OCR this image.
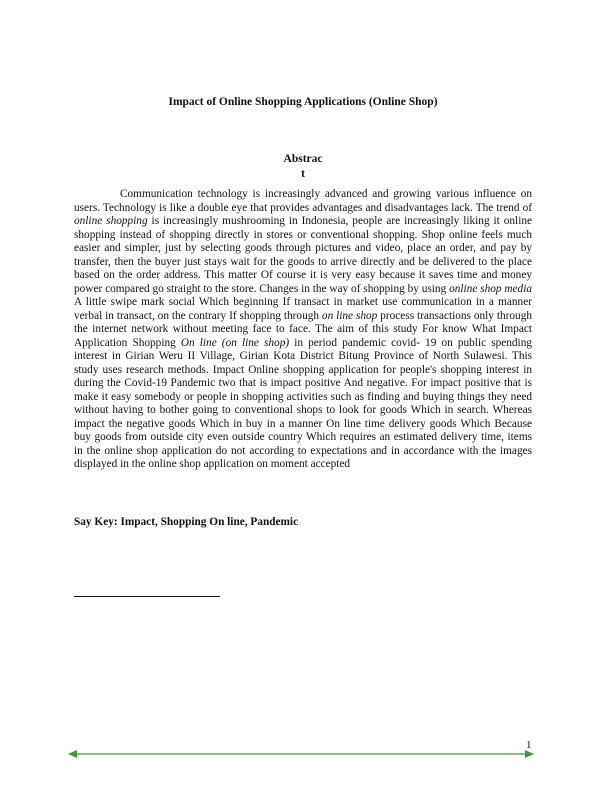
Impact of Online Shopping Applications (Online Shop)
Abstrac
t

Communication technology is increasingly advanced and growing various influence on users. Technology is like a double eye that provides advantages and disadvantages lack. The trend of online shopping is increasingly mushrooming in Indonesia, people are increasingly liking it online shopping instead of shopping directly in stores or conventional shopping. Shop online feels much easier and simpler, just by selecting goods through pictures and video, place an order, and pay by transfer, then the buyer just stays wait for the goods to arrive directly and be delivered to the place based on the order address. This matter Of course it is very easy because it saves time and money power compared go straight to the store. Changes in the way of shopping by using online shop media A little swipe mark social Which beginning If transact in market use communication in a manner verbal in transact, on the contrary If shopping through on line shop process transactions only through the internet network without meeting face to face. The aim of this study For know What Impact Application Shopping On line (on line shop) in period pandemic covid- 19 on public spending interest in Girian Weru II Village, Girian Kota District Bitung Province of North Sulawesi. This study uses research methods. Impact Online shopping application for people's shopping interest in during the Covid-19 Pandemic two that is impact positive And negative. For impact positive that is make it easy somebody or people in shopping activities such as finding and buying things they need without having to bother going to conventional shops to look for goods Which in search. Whereas impact the negative goods Which in buy in a manner On line time delivery goods Which Because buy goods from outside city even outside country Which requires an estimated delivery time, items in the online shop application do not according to expectations and in accordance with the images displayed in the online shop application on moment accepted

Say Key: Impact, Shopping On line, Pandemic
1
